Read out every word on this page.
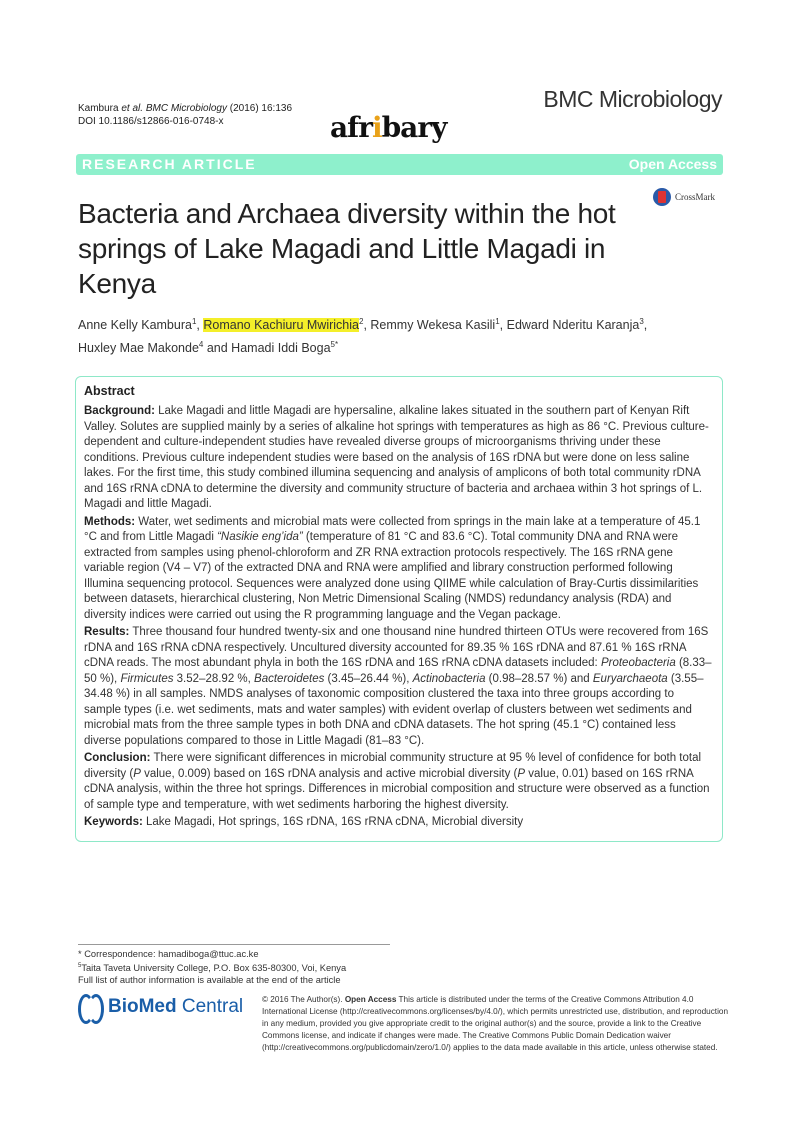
Kambura et al. BMC Microbiology (2016) 16:136
DOI 10.1186/s12866-016-0748-x
BMC Microbiology
afribary
RESEARCH ARTICLE	Open Access
CrossMark
Bacteria and Archaea diversity within the hot springs of Lake Magadi and Little Magadi in Kenya
Anne Kelly Kambura$^1$, Romano Kachiuru Mwirichia$^2$, Remmy Wekesa Kasili$^1$, Edward Nderitu Karanja$^3$,
Huxley Mae Makonde$^4$ and Hamadi Iddi Boga$^{5*}$
Abstract

Background: Lake Magadi and little Magadi are hypersaline, alkaline lakes situated in the southern part of Kenyan Rift Valley. Solutes are supplied mainly by a series of alkaline hot springs with temperatures as high as 86 °C. Previous culture-dependent and culture-independent studies have revealed diverse groups of microorganisms thriving under these conditions. Previous culture independent studies were based on the analysis of 16S rDNA but were done on less saline lakes. For the first time, this study combined illumina sequencing and analysis of amplicons of both total community rDNA and 16S rRNA cDNA to determine the diversity and community structure of bacteria and archaea within 3 hot springs of L. Magadi and little Magadi.

Methods: Water, wet sediments and microbial mats were collected from springs in the main lake at a temperature of 45.1 °C and from Little Magadi “Nasikie eng’ida” (temperature of 81 °C and 83.6 °C). Total community DNA and RNA were extracted from samples using phenol-chloroform and ZR RNA extraction protocols respectively. The 16S rRNA gene variable region (V4 – V7) of the extracted DNA and RNA were amplified and library construction performed following Illumina sequencing protocol. Sequences were analyzed done using QIIME while calculation of Bray-Curtis dissimilarities between datasets, hierarchical clustering, Non Metric Dimensional Scaling (NMDS) redundancy analysis (RDA) and diversity indices were carried out using the R programming language and the Vegan package.

Results: Three thousand four hundred twenty-six and one thousand nine hundred thirteen OTUs were recovered from 16S rDNA and 16S rRNA cDNA respectively. Uncultured diversity accounted for 89.35 % 16S rDNA and 87.61 % 16S rRNA cDNA reads. The most abundant phyla in both the 16S rDNA and 16S rRNA cDNA datasets included: Proteobacteria (8.33–50 %), Firmicutes 3.52–28.92 %, Bacteroidetes (3.45–26.44 %), Actinobacteria (0.98–28.57 %) and Euryarchaeota (3.55–34.48 %) in all samples. NMDS analyses of taxonomic composition clustered the taxa into three groups according to sample types (i.e. wet sediments, mats and water samples) with evident overlap of clusters between wet sediments and microbial mats from the three sample types in both DNA and cDNA datasets. The hot spring (45.1 °C) contained less diverse populations compared to those in Little Magadi (81–83 °C).

Conclusion: There were significant differences in microbial community structure at 95 % level of confidence for both total diversity (P value, 0.009) based on 16S rDNA analysis and active microbial diversity (P value, 0.01) based on 16S rRNA cDNA analysis, within the three hot springs. Differences in microbial composition and structure were observed as a function of sample type and temperature, with wet sediments harboring the highest diversity.

Keywords: Lake Magadi, Hot springs, 16S rDNA, 16S rRNA cDNA, Microbial diversity

* Correspondence: hamadiboga@ttuc.ac.ke
$^5$Taita Taveta University College, P.O. Box 635-80300, Voi, Kenya
Full list of author information is available at the end of the article
BioMed Central © 2016 The Author(s). Open Access This article is distributed under the terms of the Creative Commons Attribution 4.0 International License (http://creativecommons.org/licenses/by/4.0/), which permits unrestricted use, distribution, and reproduction in any medium, provided you give appropriate credit to the original author(s) and the source, provide a link to the Creative Commons license, and indicate if changes were made. The Creative Commons Public Domain Dedication waiver (http://creativecommons.org/publicdomain/zero/1.0/) applies to the data made available in this article, unless otherwise stated.
